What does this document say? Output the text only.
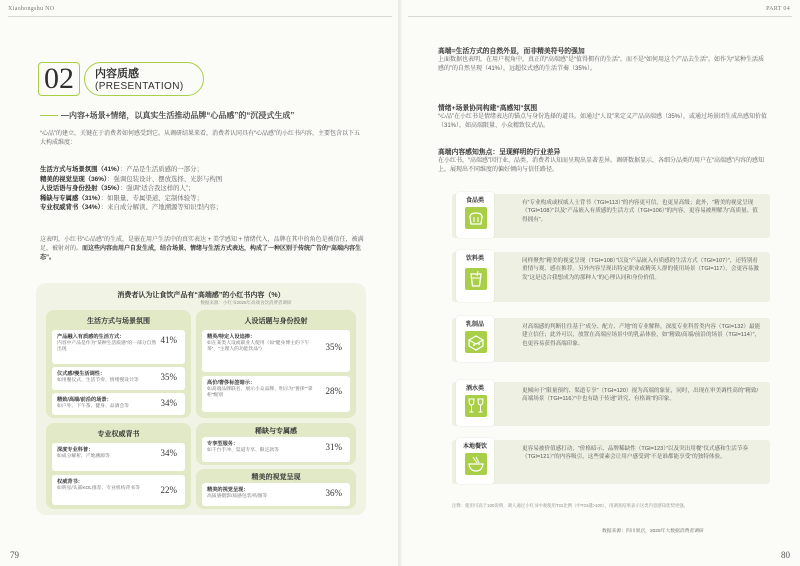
Xiaohongshu NO	PART 04
02	内容质感
(PRESENTATION)
—内容+场景+情绪，以真实生活推动品牌“心品感”的“沉浸式生成”
“心品”的建立，关键在于消费者如何感受到它。从调研结果来看，消费者认同具有“心品感”的小红书内容，主要包含以下五大构成维度：
生活方式与场景氛围（41%）：产品是生活质感的一部分；
精美的视觉呈现（36%）：强调包装设计、摆放选择、光影与构图
人设话语与身份投射（35%）：强调“适合我这样的人”；
稀缺与专属感（31%）：如限量、专属渠道、定制体验等；
专业权威背书（34%）：来自成分解读、产地溯源等知识型内容；
这表明，小红书“心品感”的生成，是嵌在用户生活中的真实表达 + 美学感知 + 情绪代入，品牌在其中的角色是被信任，被满足，被射对的。而这些内容由用户自发生成，结合场景、情绪与生活方式表达，构成了一种区别于传统广告的“高端内容生态”。
消费者认为让食饮产品有“高端感”的小红书内容（%）
数据来源：小红书2025年高端食饮消费者调研
生活方式与场景氛围
产品融入有质感的生活方式：
内容中产品是作为“某种生活质感”的一部分自然出现
41%
仪式感/慢生活调性：
如用餐仪式、生活节奏、情绪慢设计等	35%
精致/高端/前沿的场景：
如户外、下午茶、健身、品酒会等	34%
人设话题与身份投射
精英/特定人设追捧：
如在某类人设或职业人使用（如“健身博主的下午茶”，“主理人的功能饮品”）	35%
高价/奢侈标签暗示：
如高端品牌联名、展示小众品牌、明示为“奢侈”“掌柜”级别	28%
专业权威背书
深度专业科普：
如成分解析、产地溯源等	34%
权威背书：
如明星/头部KOL推荐、专业机构背书等	22%
稀缺与专属感
专享型服务：
如千台手冲、渠道专享、限定款等	31%
精美的视觉呈现
精美的视觉呈现：
高质感摄影/质感包装/构图等	36%
79
高端=生活方式的自然外显，而非精美符号的强加
上面数据也表明，在用户视角中，真正的“高端感”是“值得拥有的生活”，而不是“如何用这个产品去生活”。如作为“某种生活质感的”的自然呈现（41%），远超仪式感的生活节奏（35%）。
情绪+场景协同构建“高感知”氛围
“心品”在小红书是情绪表达的锚点与身份选择的道具。如通过“人设”来定义产品高端感（35%），或通过场景团生成出感知价值（31%），如高端限量、小众精致仪式品。
高端内容感知焦点：呈现鲜明的行业差异
在小红书，“高端感”因行业、品类、消费者认知而呈现出显著差异。调研数据显示，各细分品类的用户在“高端感”内容的感知上，展现出不同维度的偏好倾向与信任路径。
食品类	有“专业构成或权威人士背书（TGI=113）”的内容更可信，也更显高级；此外，“精美的视觉呈现（TGI=108）”以及“产品嵌入有质感的生活方式（TGI=106）”的内容，更容易被理解为“高质量、值得拥有”。
饮料类	同样聚焦“精美的视觉呈现（TGI=108）”以及“产品嵌入有质感的生活方式（TGI=107）”，还特别看重情与观、感在推荐。另外内容呈现出特定职业或精英人群的使用场景（TGI=117），会更容易激发“这是适合我想成为的那种人”的心理认同和身份价值。
乳制品	对高端感的判断往往基于“成分、配方、产地”的专业解释，深度专业科普类内容（TGI=132）最能建立信任；此外可以，放置在高端应场景中的乳品体验，如“精致/高端/前沿的场景（TGI=114）”，也更容易获得高端印象。
酒水类	更倾向于“限量预约、渠道专享”（TGI=120）视为高端的象征，同时，出现在审美调性高的“精致/高端场景（TGI=116）”中也有助于传递“讲究、有格调”的印象。
本地餐饮	更容易被价值感打动，“价格暗示、品牌稀缺性（TGI=123）”以及突出用餐“仪式感和生活节奏（TGI=121）”的内容吸引，这些要素会让用户感受到“不是谁都能享受”的独特体验。
注释：使用可高于100说明，调人通过小红书中观使用TGI比例（中TGI越>100），用调查结果表示这类内容感知优势更强。
数据来源：四川果店，2025年大数据消费者调研
80
